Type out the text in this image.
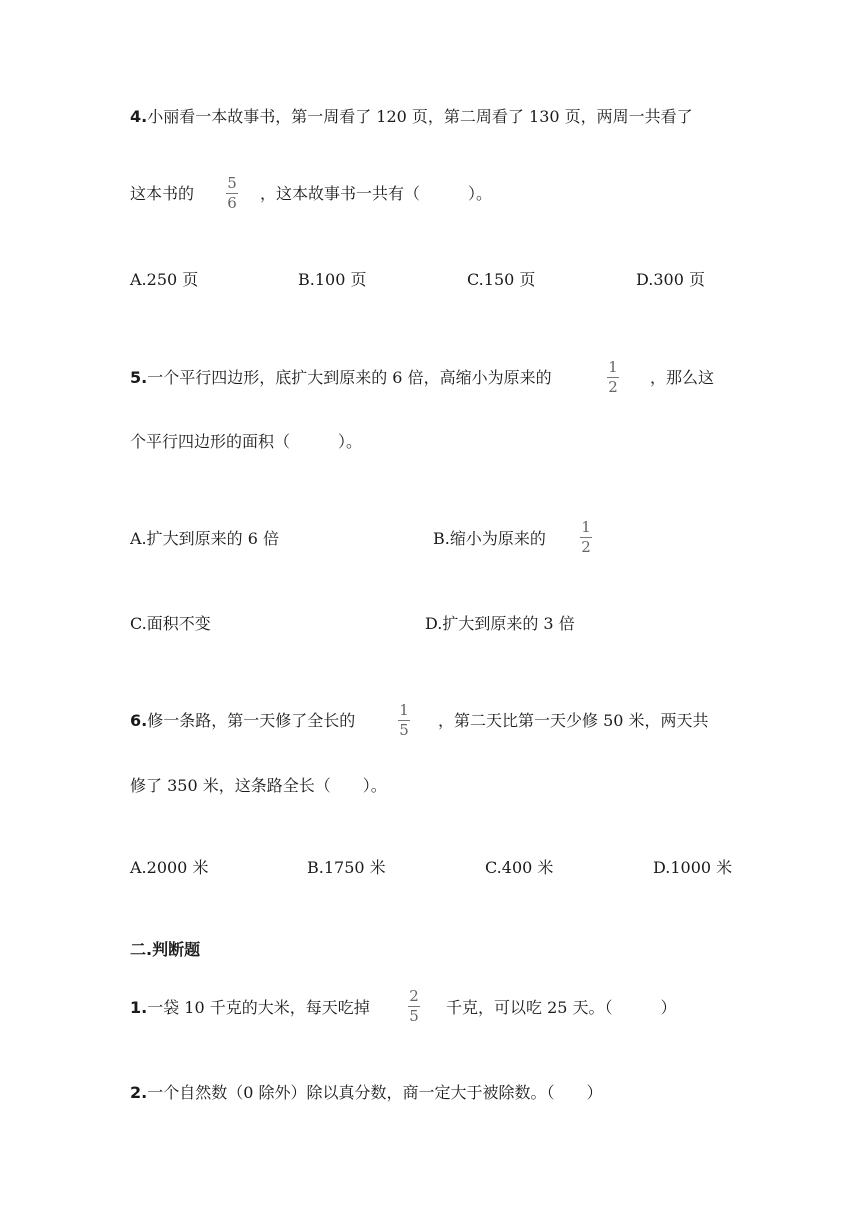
4.小丽看一本故事书，第一周看了 120 页，第二周看了 130 页，两周一共看了
这本书的
5
6 ，这本故事书一共有（　　　）。
A.250 页	B.100 页	C.150 页	D.300 页
5.一个平行四边形，底扩大到原来的 6 倍，高缩小为原来的
1
2 ，那么这
个平行四边形的面积（　　　）。
A.扩大到原来的 6 倍	B.缩小为原来的
1
2
C.面积不变	D.扩大到原来的 3 倍
6.修一条路，第一天修了全长的
1
5 ，第二天比第一天少修 50 米，两天共
修了 350 米，这条路全长（　　）。
A.2000 米	B.1750 米	C.400 米	D.1000 米
二.判断题
1.一袋 10 千克的大米，每天吃掉
2
5 千克，可以吃 25 天。（　　　）
2.一个自然数（0 除外）除以真分数，商一定大于被除数。（　　）
